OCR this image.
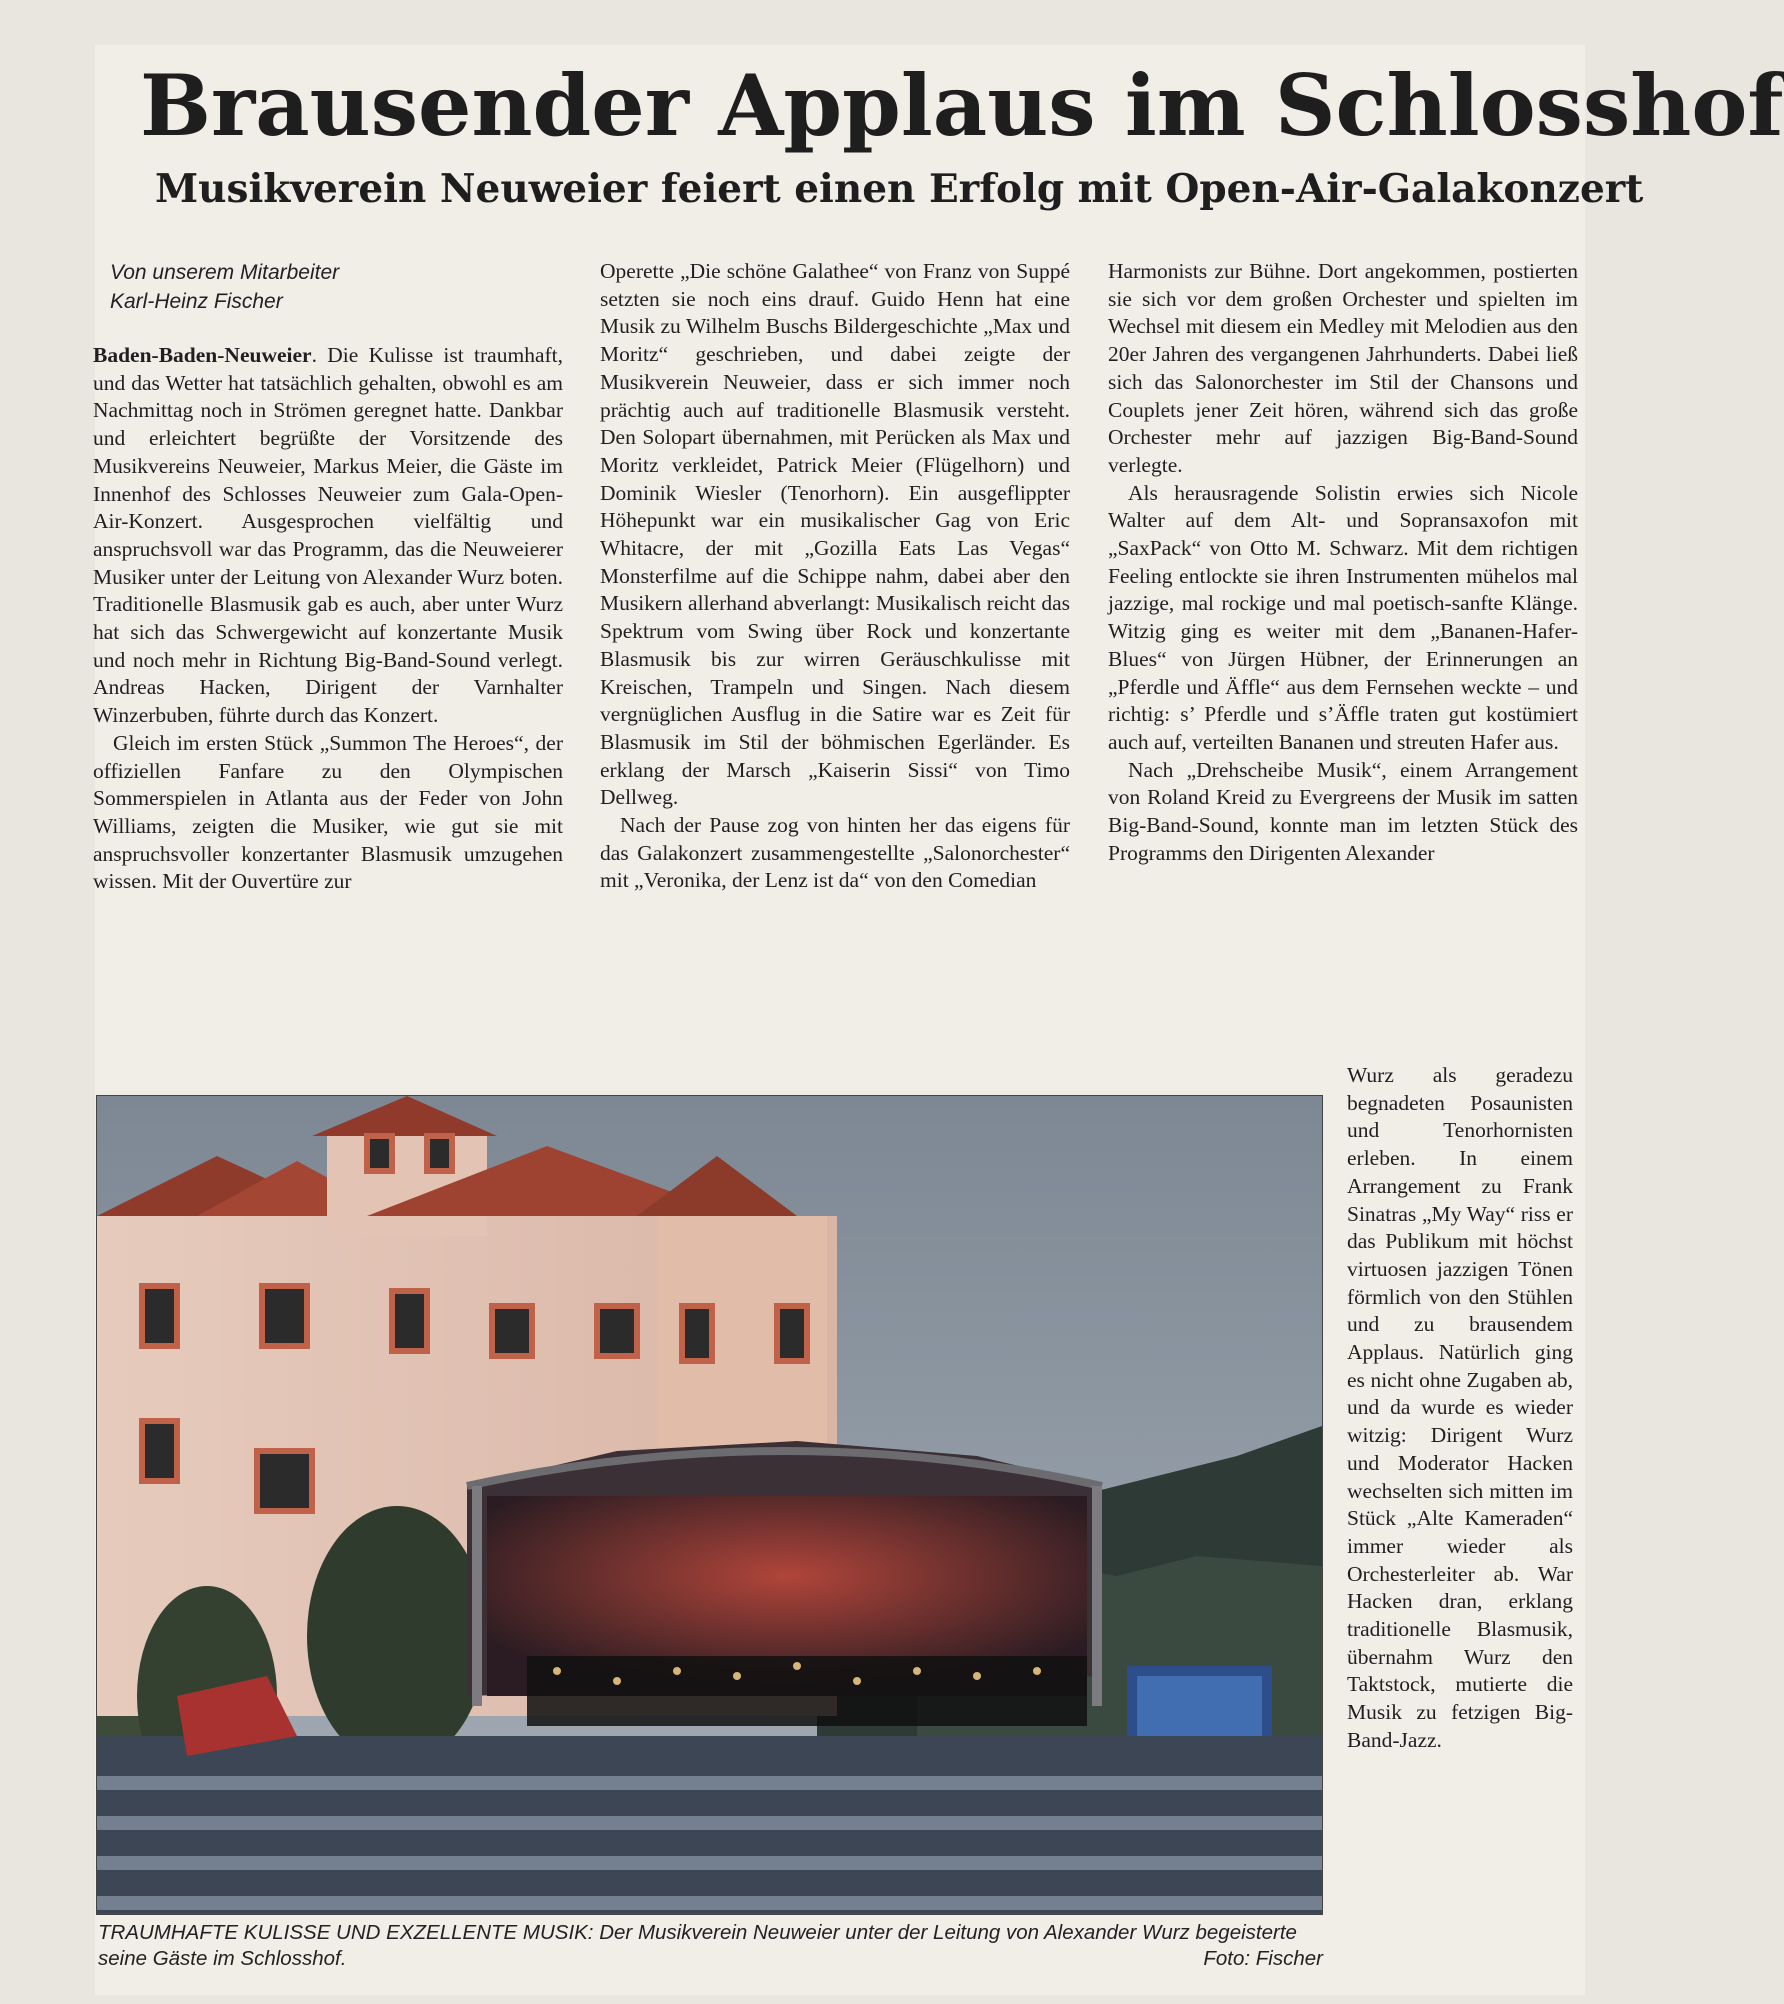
Brausender Applaus im Schlosshof
Musikverein Neuweier feiert einen Erfolg mit Open-Air-Galakonzert
Von unserem Mitarbeiter
Karl-Heinz Fischer

Baden-Baden-Neuweier. Die Kulisse ist traumhaft, und das Wetter hat tatsächlich gehalten, obwohl es am Nachmittag noch in Strömen geregnet hatte. Dankbar und erleichtert begrüßte der Vorsitzende des Musikvereins Neuweier, Markus Meier, die Gäste im Innenhof des Schlosses Neuweier zum Gala-Open-Air-Konzert. Ausgesprochen vielfältig und anspruchsvoll war das Programm, das die Neuweierer Musiker unter der Leitung von Alexander Wurz boten. Traditionelle Blasmusik gab es auch, aber unter Wurz hat sich das Schwergewicht auf konzertante Musik und noch mehr in Richtung Big-Band-Sound verlegt. Andreas Hacken, Dirigent der Varnhalter Winzerbuben, führte durch das Konzert.

Gleich im ersten Stück „Summon The Heroes“, der offiziellen Fanfare zu den Olympischen Sommerspielen in Atlanta aus der Feder von John Williams, zeigten die Musiker, wie gut sie mit anspruchsvoller konzertanter Blasmusik umzugehen wissen. Mit der Ouvertüre zur

Operette „Die schöne Galathee“ von Franz von Suppé setzten sie noch eins drauf. Guido Henn hat eine Musik zu Wilhelm Buschs Bildergeschichte „Max und Moritz“ geschrieben, und dabei zeigte der Musikverein Neuweier, dass er sich immer noch prächtig auch auf traditionelle Blasmusik versteht. Den Solopart übernahmen, mit Perücken als Max und Moritz verkleidet, Patrick Meier (Flügelhorn) und Dominik Wiesler (Tenorhorn). Ein ausgeflippter Höhepunkt war ein musikalischer Gag von Eric Whitacre, der mit „Gozilla Eats Las Vegas“ Monsterfilme auf die Schippe nahm, dabei aber den Musikern allerhand abverlangt: Musikalisch reicht das Spektrum vom Swing über Rock und konzertante Blasmusik bis zur wirren Geräuschkulisse mit Kreischen, Trampeln und Singen. Nach diesem vergnüglichen Ausflug in die Satire war es Zeit für Blasmusik im Stil der böhmischen Egerländer. Es erklang der Marsch „Kaiserin Sissi“ von Timo Dellweg.

Nach der Pause zog von hinten her das eigens für das Galakonzert zusammengestellte „Salonorchester“ mit „Veronika, der Lenz ist da“ von den Comedian

Harmonists zur Bühne. Dort angekommen, postierten sie sich vor dem großen Orchester und spielten im Wechsel mit diesem ein Medley mit Melodien aus den 20er Jahren des vergangenen Jahrhunderts. Dabei ließ sich das Salonorchester im Stil der Chansons und Couplets jener Zeit hören, während sich das große Orchester mehr auf jazzigen Big-Band-Sound verlegte.

Als herausragende Solistin erwies sich Nicole Walter auf dem Alt- und Sopransaxofon mit „SaxPack“ von Otto M. Schwarz. Mit dem richtigen Feeling entlockte sie ihren Instrumenten mühelos mal jazzige, mal rockige und mal poetisch-sanfte Klänge. Witzig ging es weiter mit dem „Bananen-Hafer-Blues“ von Jürgen Hübner, der Erinnerungen an „Pferdle und Äffle“ aus dem Fernsehen weckte – und richtig: s’ Pferdle und s’Äffle traten gut kostümiert auch auf, verteilten Bananen und streuten Hafer aus.

Nach „Drehscheibe Musik“, einem Arrangement von Roland Kreid zu Evergreens der Musik im satten Big-Band-Sound, konnte man im letzten Stück des Programms den Dirigenten Alexander

Wurz als geradezu begnadeten Posaunisten und Tenorhornisten erleben. In einem Arrangement zu Frank Sinatras „My Way“ riss er das Publikum mit höchst virtuosen jazzigen Tönen förmlich von den Stühlen und zu brausendem Applaus. Natürlich ging es nicht ohne Zugaben ab, und da wurde es wieder witzig: Dirigent Wurz und Moderator Hacken wechselten sich mitten im Stück „Alte Kameraden“ immer wieder als Orchesterleiter ab. War Hacken dran, erklang traditionelle Blasmusik, übernahm Wurz den Taktstock, mutierte die Musik zu fetzigen Big-Band-Jazz.

TRAUMHAFTE KULISSE UND EXZELLENTE MUSIK: Der Musikverein Neuweier unter der Leitung von Alexander Wurz begeisterte seine Gäste im Schlosshof.	Foto: Fischer
